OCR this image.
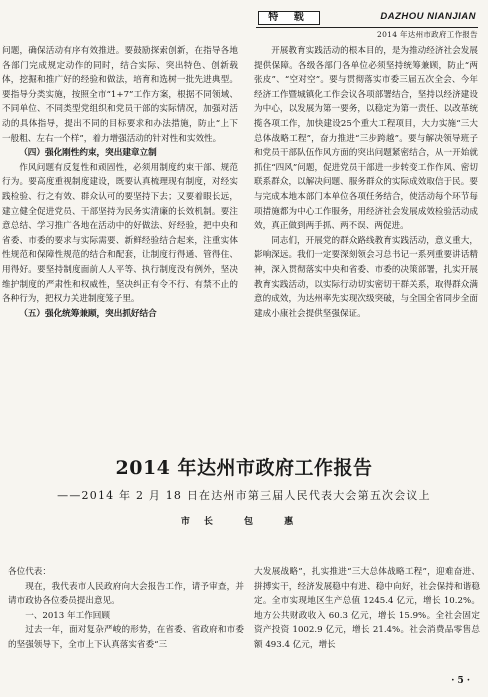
特 载	DAZHOU NIANJIAN
2014 年达州市政府工作报告

问题，确保活动有序有效推进。要鼓励探索创新，在指导各地各部门完成规定动作的同时，结合实际、突出特色、创新载体，挖掘和推广好的经验和做法，培育和选树一批先进典型。要指导分类实施，按照全市“1+7”工作方案，根据不同领域、不同单位、不同类型党组织和党员干部的实际情况，加强对活动的具体指导，提出不同的目标要求和办法措施，防止“上下一般粗、左右一个样”，着力增强活动的针对性和实效性。

（四）强化刚性约束，突出建章立制

作风问题有反复性和顽固性，必须用制度约束干部、规范行为。要高度重视制度建设，既要认真梳理现有制度，对经实践检验、行之有效、群众认可的要坚持下去；又要着眼长远，建立健全促进党员、干部坚持为民务实清廉的长效机制。要注意总结、学习推广各地在活动中的好做法、好经验，把中央和省委、市委的要求与实际需要、新鲜经验结合起来，注重实体性规范和保障性规范的结合和配套，让制度行得通、管得住、用得好。要坚持制度面前人人平等、执行制度没有例外，坚决维护制度的严肃性和权威性，坚决纠正有令不行、有禁不止的各种行为，把权力关进制度笼子里。

（五）强化统筹兼顾，突出抓好结合

开展教育实践活动的根本目的，是为推动经济社会发展提供保障。各级各部门各单位必须坚持统筹兼顾，防止“两张皮”、“空对空”。要与贯彻落实市委三届五次全会、今年经济工作暨城镇化工作会议各项部署结合，坚持以经济建设为中心，以发展为第一要务，以稳定为第一责任、以改革统揽各项工作，加快建设25个重大工程项目，大力实施“三大总体战略工程”，奋力推进“三步跨越”。要与解决领导班子和党员干部队伍作风方面的突出问题紧密结合，从一开始就抓住“四风”问题，促进党员干部进一步转变工作作风、密切联系群众，以解决问题、服务群众的实际成效取信于民。要与完成本地本部门本单位各项任务结合，使活动每个环节每项措施都为中心工作服务，用经济社会发展成效检验活动成效，真正做到两手抓、两不误、两促进。

同志们，开展党的群众路线教育实践活动，意义重大，影响深远。我们一定要深刻领会习总书记一系列重要讲话精神，深入贯彻落实中央和省委、市委的决策部署，扎实开展教育实践活动，以实际行动切实密切干群关系，取得群众满意的成效，为达州率先实现次级突破，与全国全省同步全面建成小康社会提供坚强保证。

2014 年达州市政府工作报告
——2014 年 2 月 18 日在达州市第三届人民代表大会第五次会议上
市长 包 惠

各位代表：

现在，我代表市人民政府向大会报告工作，请予审查，并请市政协各位委员提出意见。

一、2013 年工作回顾

过去一年，面对复杂严峻的形势，在省委、省政府和市委的坚强领导下，全市上下认真落实省委“三

大发展战略”，扎实推进“三大总体战略工程”，迎难奋进、拼搏实干，经济发展稳中有进、稳中向好，社会保持和谐稳定。全市实现地区生产总值 1245.4 亿元，增长 10.2%。地方公共财政收入 60.3 亿元，增长 15.9%。全社会固定资产投资 1002.9 亿元，增长 21.4%。社会消费品零售总额 493.4 亿元，增长

· 5 ·
